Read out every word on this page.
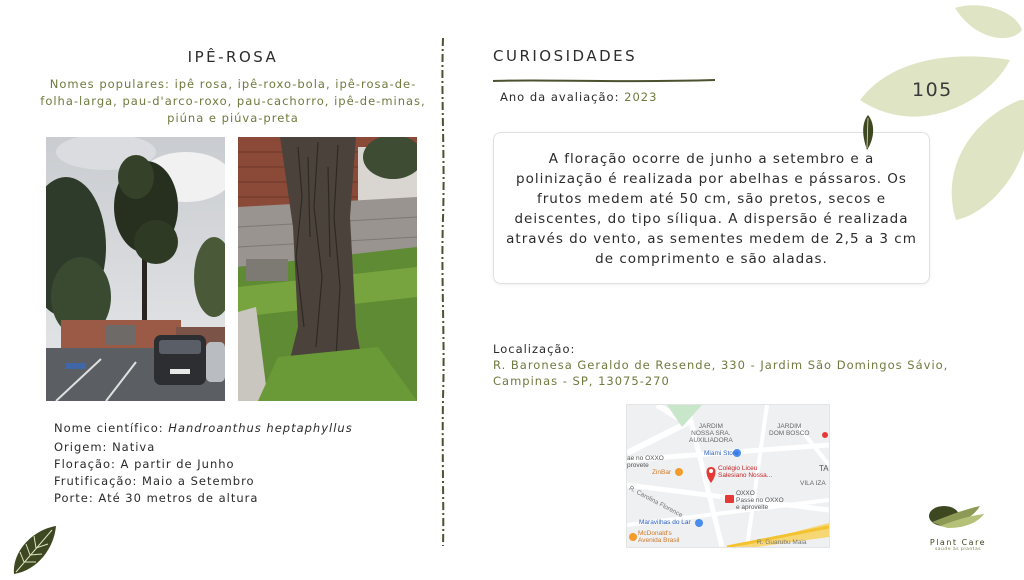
IPÊ-ROSA
Nomes populares: ipê rosa, ipê-roxo-bola, ipê-rosa-de-folha-larga, pau-d'arco-roxo, pau-cachorro, ipê-de-minas, piúna e piúva-preta
Nome científico: Handroanthus heptaphyllus
Origem: Nativa
Floração: A partir de Junho
Frutificação: Maio a Setembro
Porte: Até 30 metros de altura
CURIOSIDADES
Ano da avaliação: 2023
A floração ocorre de junho a setembro e a polinização é realizada por abelhas e pássaros. Os frutos medem até 50 cm, são pretos, secos e deiscentes, do tipo síliqua. A dispersão é realizada através do vento, as sementes medem de 2,5 a 3 cm de comprimento e são aladas.
Localização:
R. Baronesa Geraldo de Resende, 330 - Jardim São Domingos Sávio, Campinas - SP, 13075-270
JARDIM
NOSSA SRA.
AUXILIADORA
JARDIM
DOM BOSCO
ae no OXXO
provete
Miami Store
ZinBar
Colégio Liceu
Salesiano Nossa...
OXXO
Passe no OXXO
e aproveite
VILA IZA
TA
R. Carolina Florence
Maravilhas do Lar
McDonald's
Avenida Brasil	R. Guarubu Maia
105
Plant Care
saúde às plantas
